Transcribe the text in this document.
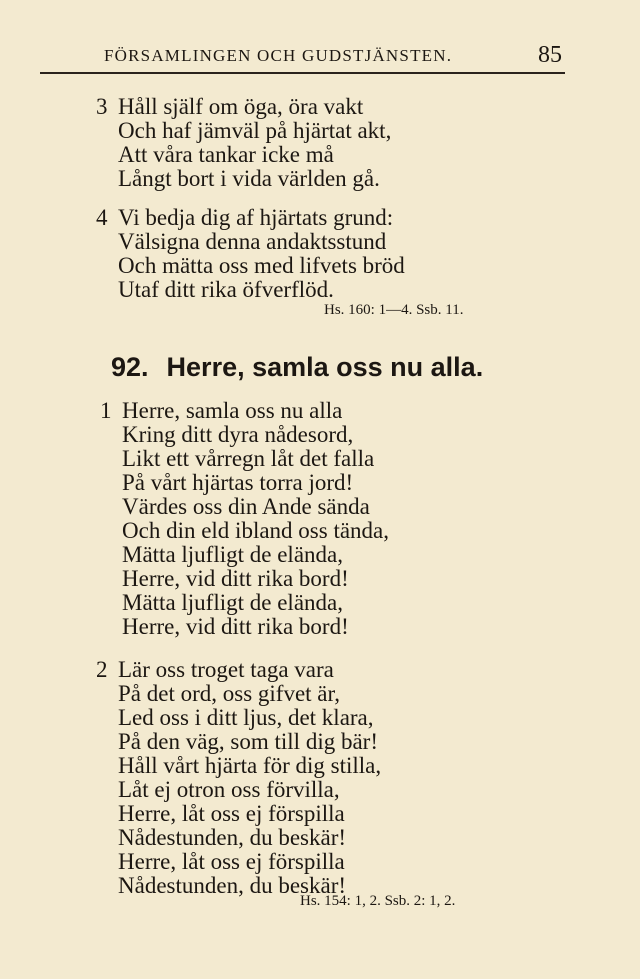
FÖRSAMLINGEN OCH GUDSTJÄNSTEN.	85
3 Håll själf om öga, öra vakt
Och haf jämväl på hjärtat akt,
Att våra tankar icke må
Långt bort i vida världen gå.
4 Vi bedja dig af hjärtats grund:
Välsigna denna andaktsstund
Och mätta oss med lifvets bröd
Utaf ditt rika öfverflöd.
Hs. 160: 1—4. Ssb. 11.
92. Herre, samla oss nu alla.
1 Herre, samla oss nu alla
Kring ditt dyra nådesord,
Likt ett vårregn låt det falla
På vårt hjärtas torra jord!
Värdes oss din Ande sända
Och din eld ibland oss tända,
Mätta ljufligt de elända,
Herre, vid ditt rika bord!
Mätta ljufligt de elända,
Herre, vid ditt rika bord!
2 Lär oss troget taga vara
På det ord, oss gifvet är,
Led oss i ditt ljus, det klara,
På den väg, som till dig bär!
Håll vårt hjärta för dig stilla,
Låt ej otron oss förvilla,
Herre, låt oss ej förspilla
Nådestunden, du beskär!
Herre, låt oss ej förspilla
Nådestunden, du beskär!
Hs. 154: 1, 2. Ssb. 2: 1, 2.
